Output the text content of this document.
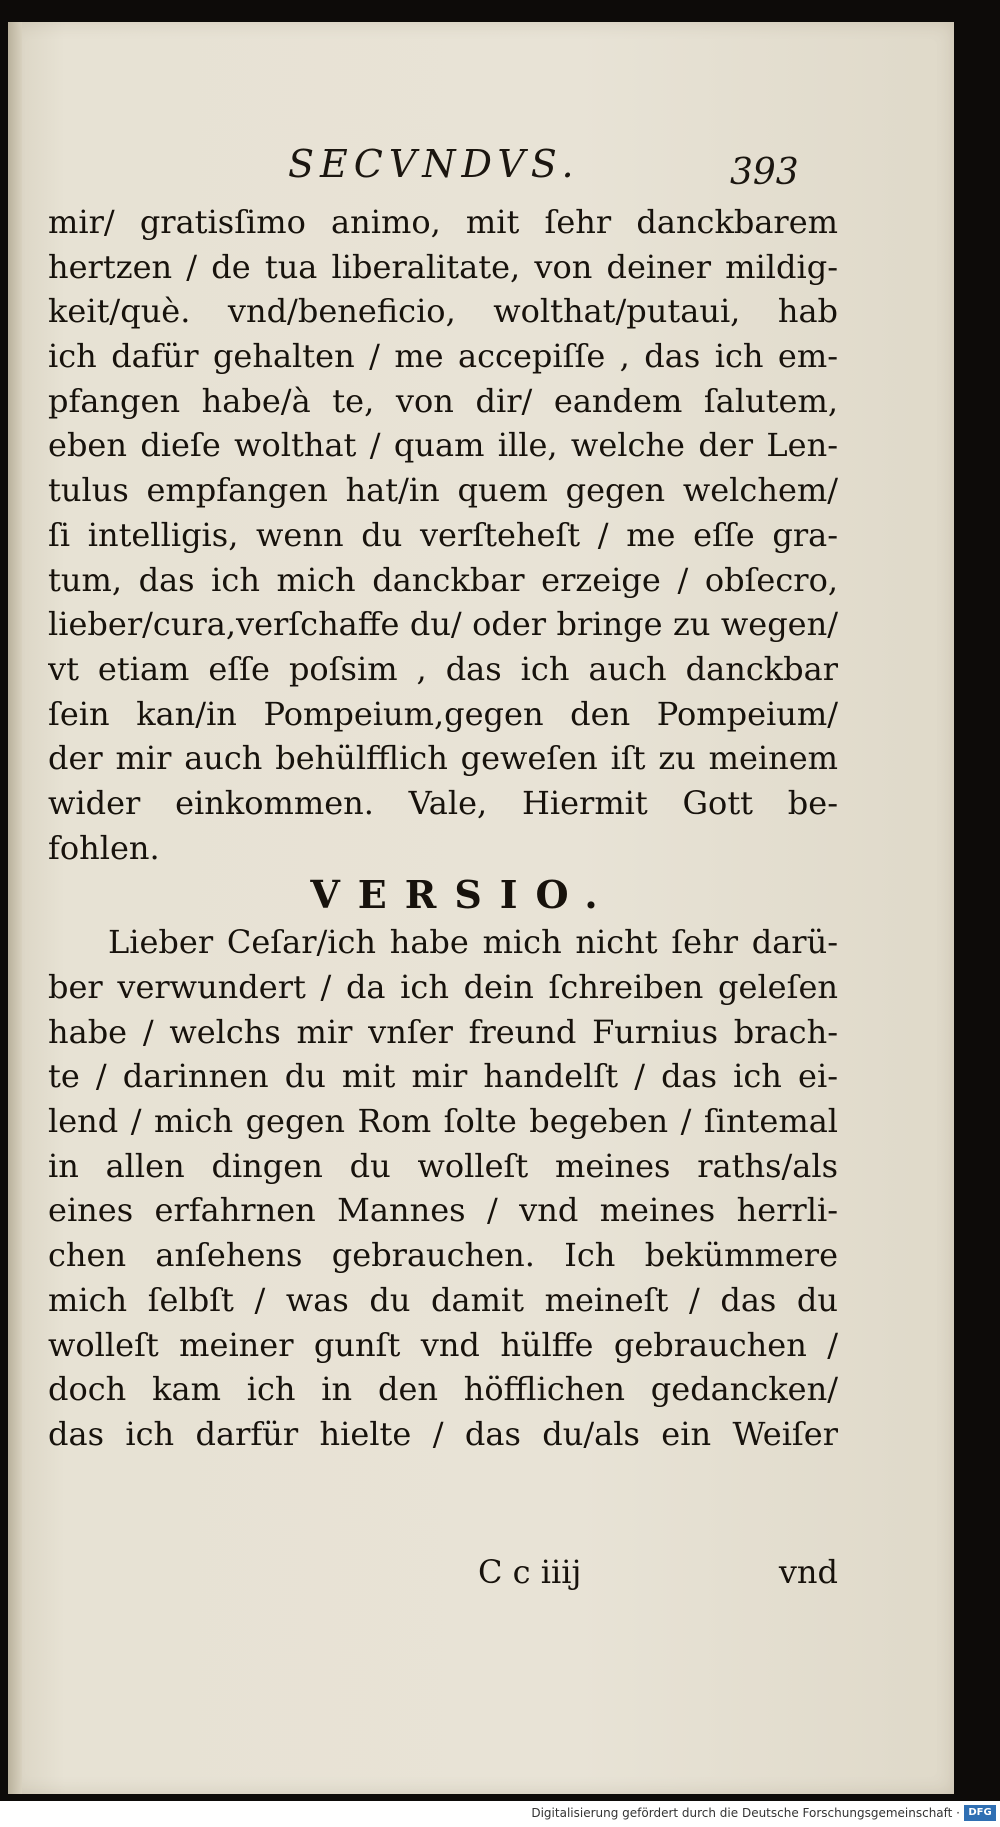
SECVNDVS.	393
mir/ gratisſimo animo, mit ſehr danckbarem
hertzen / de tua liberalitate, von deiner mildig-
keit/què. vnd/beneficio, wolthat/putaui, hab
ich dafür gehalten / me accepiſſe , das ich em-
pfangen habe/à te, von dir/ eandem ſalutem,
eben dieſe wolthat / quam ille, welche der Len-
tulus empfangen hat/in quem gegen welchem/
ſi intelligis, wenn du verſteheſt / me eſſe gra-
tum, das ich mich danckbar erzeige / obſecro,
lieber/cura,verſchaffe du/ oder bringe zu wegen/
vt etiam eſſe poſsim , das ich auch danckbar
ſein kan/in Pompeium,gegen den Pompeium/
der mir auch behülfflich geweſen iſt zu meinem
wider einkommen. Vale, Hiermit Gott be-
fohlen.
VERSIO.
Lieber Ceſar/ich habe mich nicht ſehr darü-
ber verwundert / da ich dein ſchreiben geleſen
habe / welchs mir vnſer freund Furnius brach-
te / darinnen du mit mir handelſt / das ich ei-
lend / mich gegen Rom ſolte begeben / ſintemal
in allen dingen du wolleſt meines raths/als
eines erfahrnen Mannes / vnd meines herrli-
chen anſehens gebrauchen. Ich bekümmere
mich ſelbſt / was du damit meineſt / das du
wolleſt meiner gunſt vnd hülffe gebrauchen /
doch kam ich in den höfflichen gedancken/
das ich darfür hielte / das du/als ein Weiſer
C c iiij	vnd
Digitalisierung gefördert durch die Deutsche Forschungsgemeinschaft · DFG
